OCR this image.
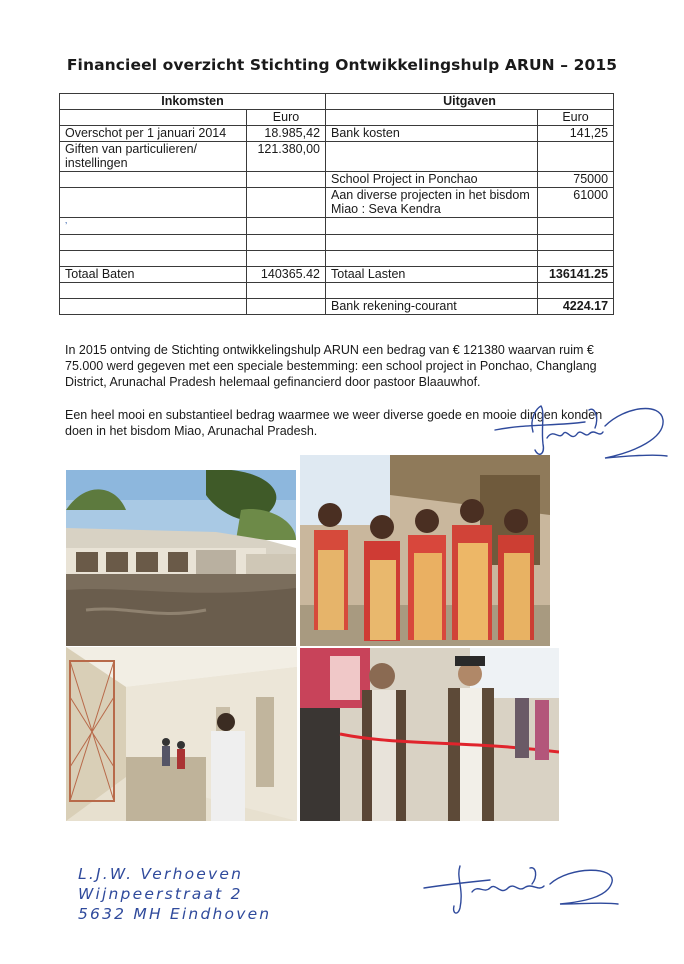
Financieel overzicht Stichting Ontwikkelingshulp ARUN – 2015
Inkomsten		Uitgaven	
	Euro		Euro
Overschot per 1 januari 2014	18.985,42	Bank kosten	141,25
Giften van particulieren/ instellingen	121.380,00		
		School Project in Ponchao	75000
		Aan diverse projecten in het bisdom Miao : Seva Kendra	61000
’			

Totaal Baten	140365.42	Totaal Lasten	136141.25

		Bank rekening-courant	4224.17
In 2015 ontving de Stichting ontwikkelingshulp ARUN een bedrag van € 121380 waarvan ruim € 75.000 werd gegeven met een speciale bestemming: een school project in Ponchao, Changlang District, Arunachal Pradesh helemaal gefinancierd door pastoor Blaauwhof.
Een heel mooi en substantieel bedrag waarmee we weer diverse goede en mooie dingen konden doen in het bisdom Miao, Arunachal Pradesh.
L.J.W. Verhoeven
Wijnpeerstraat 2
5632 MH Eindhoven
